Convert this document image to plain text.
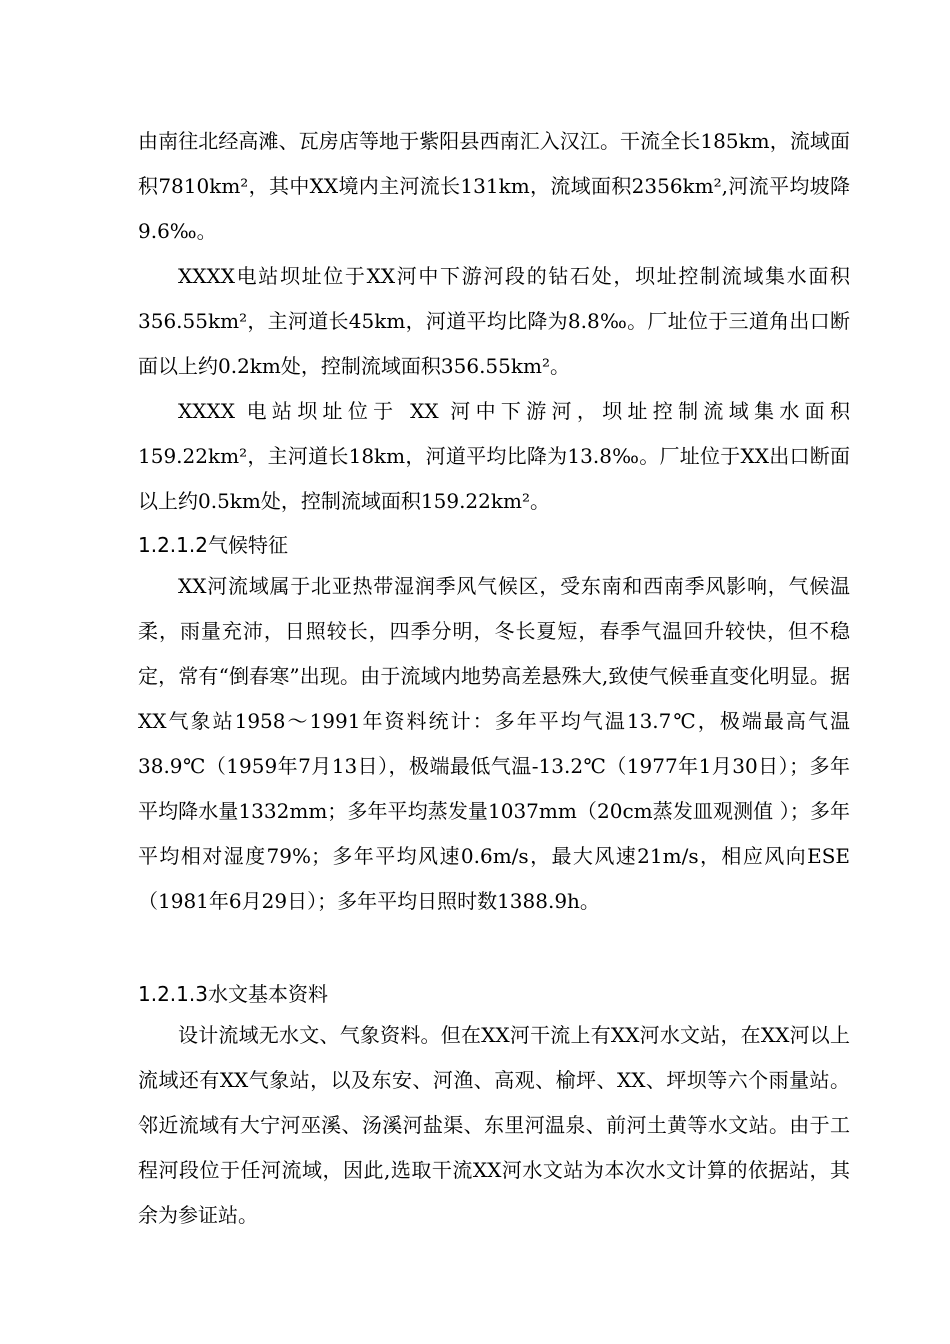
由南往北经高滩、瓦房店等地于紫阳县西南汇入汉江。干流全长185km，流域面积7810km²，其中XX境内主河流长131km，流域面积2356km²,河流平均坡降9.6‰。

XXXX电站坝址位于XX河中下游河段的钻石处，坝址控制流域集水面积356.55km²，主河道长45km，河道平均比降为8.8‰。厂址位于三道角出口断面以上约0.2km处，控制流域面积356.55km²。

XXXX 电站坝址位于 XX 河中下游河，坝址控制流域集水面积159.22km²，主河道长18km，河道平均比降为13.8‰。厂址位于XX出口断面以上约0.5km处，控制流域面积159.22km²。

1.2.1.2气候特征

XX河流域属于北亚热带湿润季风气候区，受东南和西南季风影响，气候温柔，雨量充沛，日照较长，四季分明，冬长夏短，春季气温回升较快，但不稳定，常有“倒春寒”出现。由于流域内地势高差悬殊大,致使气候垂直变化明显。据XX气象站1958～1991年资料统计：多年平均气温13.7℃，极端最高气温38.9℃（1959年7月13日），极端最低气温-13.2℃（1977年1月30日）；多年平均降水量1332mm；多年平均蒸发量1037mm（20cm蒸发皿观测值 ）；多年平均相对湿度79%；多年平均风速0.6m/s，最大风速21m/s，相应风向ESE（1981年6月29日）；多年平均日照时数1388.9h。

1.2.1.3水文基本资料

设计流域无水文、气象资料。但在XX河干流上有XX河水文站，在XX河以上流域还有XX气象站，以及东安、河渔、高观、榆坪、XX、坪坝等六个雨量站。邻近流域有大宁河巫溪、汤溪河盐渠、东里河温泉、前河土黄等水文站。由于工程河段位于任河流域，因此,选取干流XX河水文站为本次水文计算的依据站，其余为参证站。
